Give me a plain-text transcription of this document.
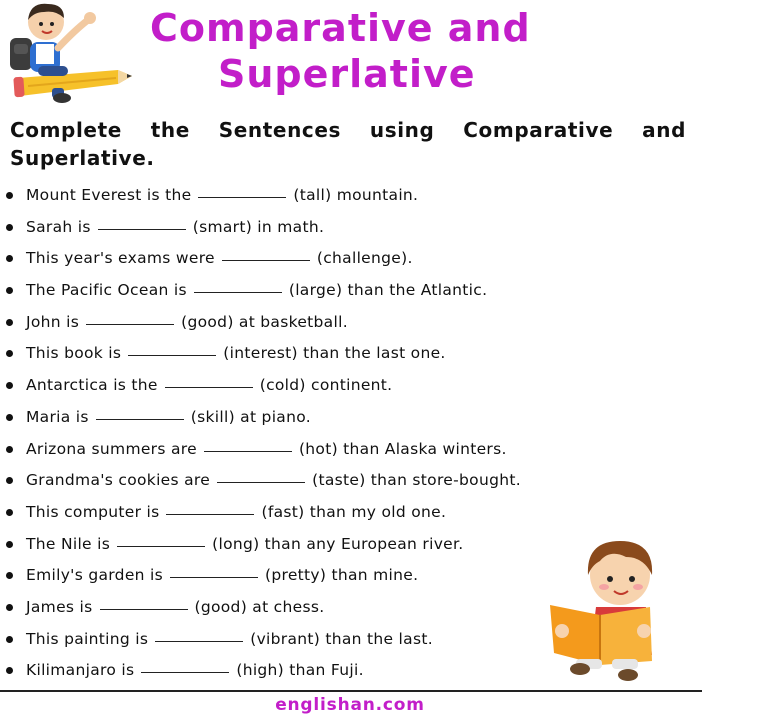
Comparative and
Superlative
Complete the Sentences using Comparative and Superlative.
Mount Everest is the	(tall) mountain.
Sarah is	(smart) in math.
This year's exams were	(challenge).
The Pacific Ocean is	(large) than the Atlantic.
John is	(good) at basketball.
This book is	(interest) than the last one.
Antarctica is the	(cold) continent.
Maria is	(skill) at piano.
Arizona summers are	(hot) than Alaska winters.
Grandma's cookies are	(taste) than store-bought.
This computer is	(fast) than my old one.
The Nile is	(long) than any European river.
Emily's garden is	(pretty) than mine.
James is	(good) at chess.
This painting is	(vibrant) than the last.
Kilimanjaro is	(high) than Fuji.
englishan.com
